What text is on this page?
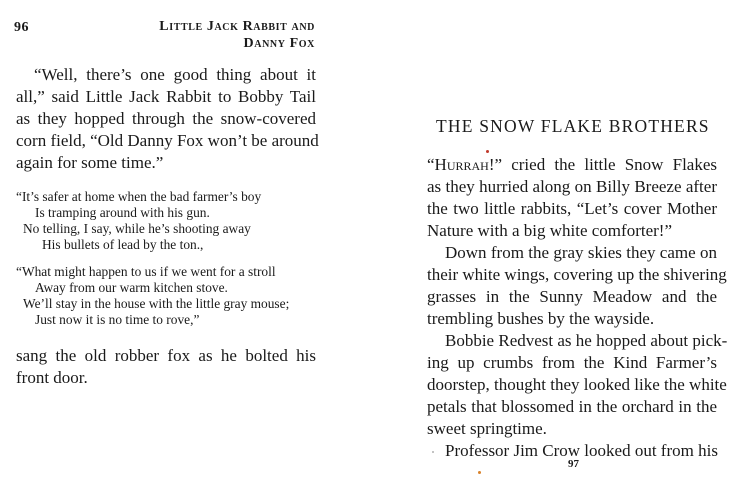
96	Little Jack Rabbit and
Danny Fox
“Well, there’s one good thing about it
all,” said Little Jack Rabbit to Bobby Tail
as they hopped through the snow-covered
corn field, “Old Danny Fox won’t be around
again for some time.”
“It’s safer at home when the bad farmer’s boy
Is tramping around with his gun.
No telling, I say, while he’s shooting away
His bullets of lead by the ton.,
“What might happen to us if we went for a stroll
Away from our warm kitchen stove.
We’ll stay in the house with the little gray mouse;
Just now it is no time to rove,”
sang the old robber fox as he bolted his
front door.
THE SNOW FLAKE BROTHERS
“Hurrah!” cried the little Snow Flakes
as they hurried along on Billy Breeze after
the two little rabbits, “Let’s cover Mother
Nature with a big white comforter!”
Down from the gray skies they came on
their white wings, covering up the shivering
grasses in the Sunny Meadow and the
trembling bushes by the wayside.
Bobbie Redvest as he hopped about pick-
ing up crumbs from the Kind Farmer’s
doorstep, thought they looked like the white
petals that blossomed in the orchard in the
sweet springtime.
Professor Jim Crow looked out from his
97
